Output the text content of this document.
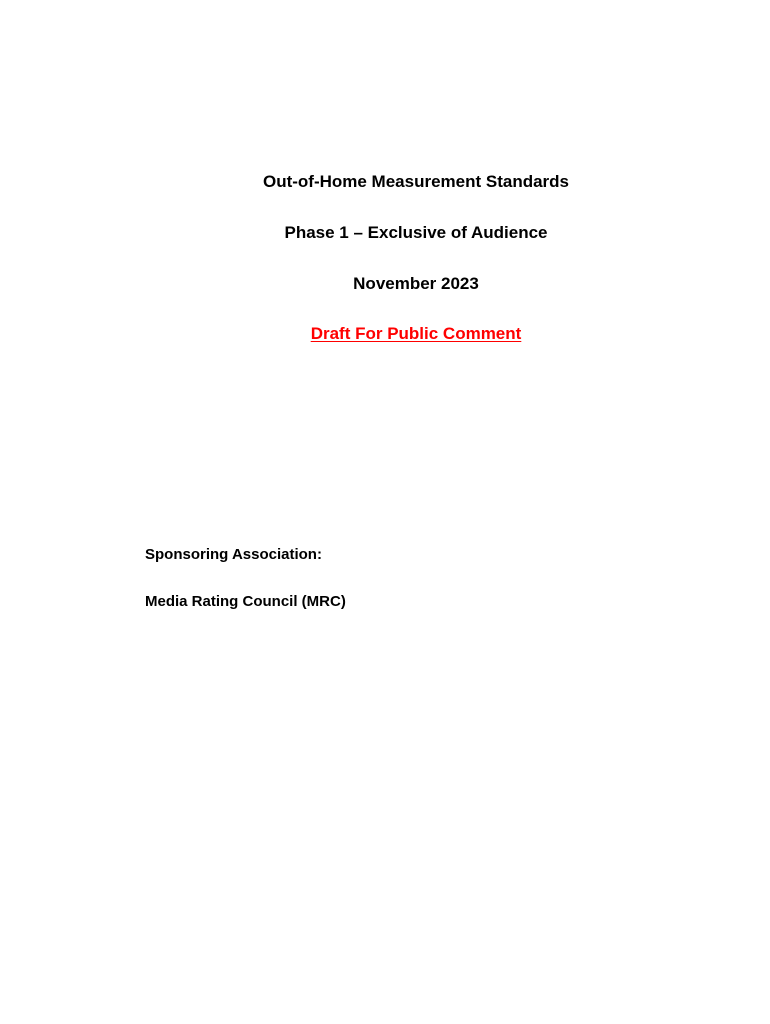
Out-of-Home Measurement Standards
Phase 1 – Exclusive of Audience
November 2023
Draft For Public Comment
Sponsoring Association:
Media Rating Council (MRC)
